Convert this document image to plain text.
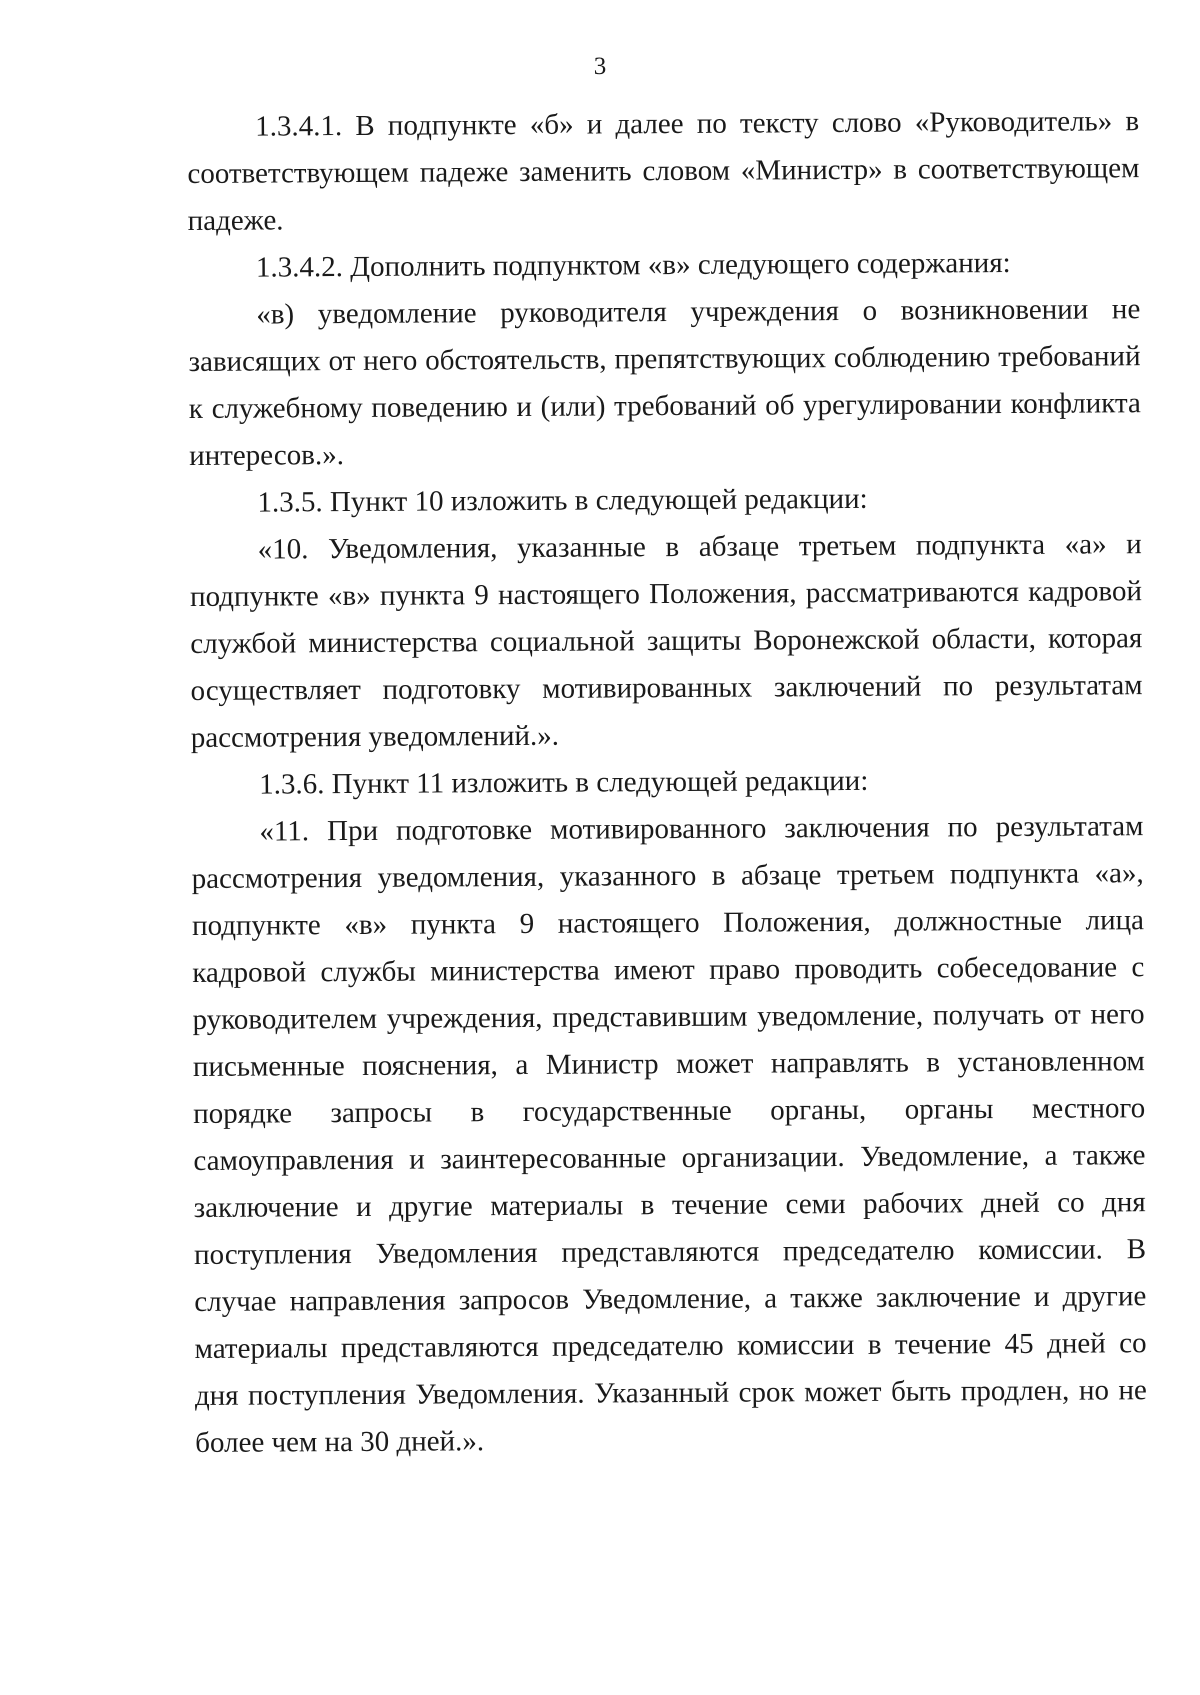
3

1.3.4.1. В подпункте «б» и далее по тексту слово «Руководитель» в соответствующем падеже заменить словом «Министр» в соответствующем падеже.

1.3.4.2. Дополнить подпунктом «в» следующего содержания:

«в) уведомление руководителя учреждения о возникновении не зависящих от него обстоятельств, препятствующих соблюдению требований к служебному поведению и (или) требований об урегулировании конфликта интересов.».

1.3.5. Пункт 10 изложить в следующей редакции:

«10. Уведомления, указанные в абзаце третьем подпункта «а» и подпункте «в» пункта 9 настоящего Положения, рассматриваются кадровой службой министерства социальной защиты Воронежской области, которая осуществляет подготовку мотивированных заключений по результатам рассмотрения уведомлений.».

1.3.6. Пункт 11 изложить в следующей редакции:

«11. При подготовке мотивированного заключения по результатам рассмотрения уведомления, указанного в абзаце третьем подпункта «а», подпункте «в» пункта 9 настоящего Положения, должностные лица кадровой службы министерства имеют право проводить собеседование с руководителем учреждения, представившим уведомление, получать от него письменные пояснения, а Министр может направлять в установленном порядке запросы в государственные органы, органы местного самоуправления и заинтересованные организации. Уведомление, а также заключение и другие материалы в течение семи рабочих дней со дня поступления Уведомления представляются председателю комиссии. В случае направления запросов Уведомление, а также заключение и другие материалы представляются председателю комиссии в течение 45 дней со дня поступления Уведомления. Указанный срок может быть продлен, но не более чем на 30 дней.».
